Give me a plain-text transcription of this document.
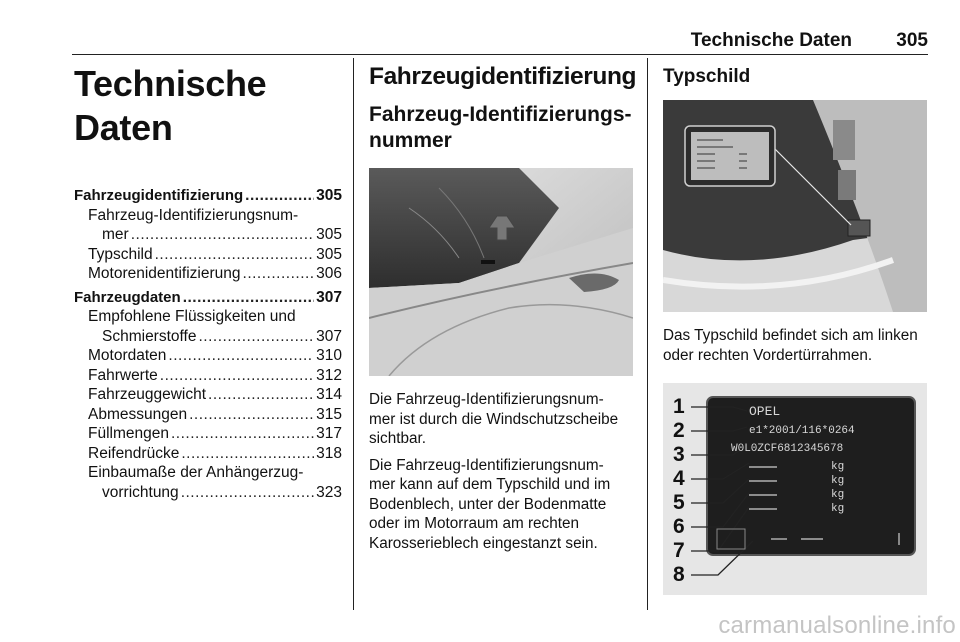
Technische Daten 305
Technische Daten
Fahrzeugidentifizierung .....	305
Fahrzeug-Identifizierungsnum-
mer .....	305
Typschild .....	305
Motorenidentifizierung .....	306
Fahrzeugdaten .....	307
Empfohlene Flüssigkeiten und
Schmierstoffe .....	307
Motordaten .....	310
Fahrwerte .....	312
Fahrzeuggewicht .....	314
Abmessungen .....	315
Füllmengen .....	317
Reifendrücke .....	318
Einbaumaße der Anhängerzug-
vorrichtung .....	323
Fahrzeugidentifizierung
Fahrzeug-Identifizierungs-
nummer

Die Fahrzeug-Identifizierungsnum-
mer ist durch die Windschutzscheibe
sichtbar.

Die Fahrzeug-Identifizierungsnum-
mer kann auf dem Typschild und im
Bodenblech, unter der Bodenmatte
oder im Motorraum am rechten
Karosserieblech eingestanzt sein.

Typschild

Das Typschild befindet sich am linken
oder rechten Vordertürrahmen.

1
2
3
4
5
6
7
8
OPEL
e1*2001/116*0264
W0L0ZCF6812345678
kg
kg
kg
kg
carmanualsonline.info
